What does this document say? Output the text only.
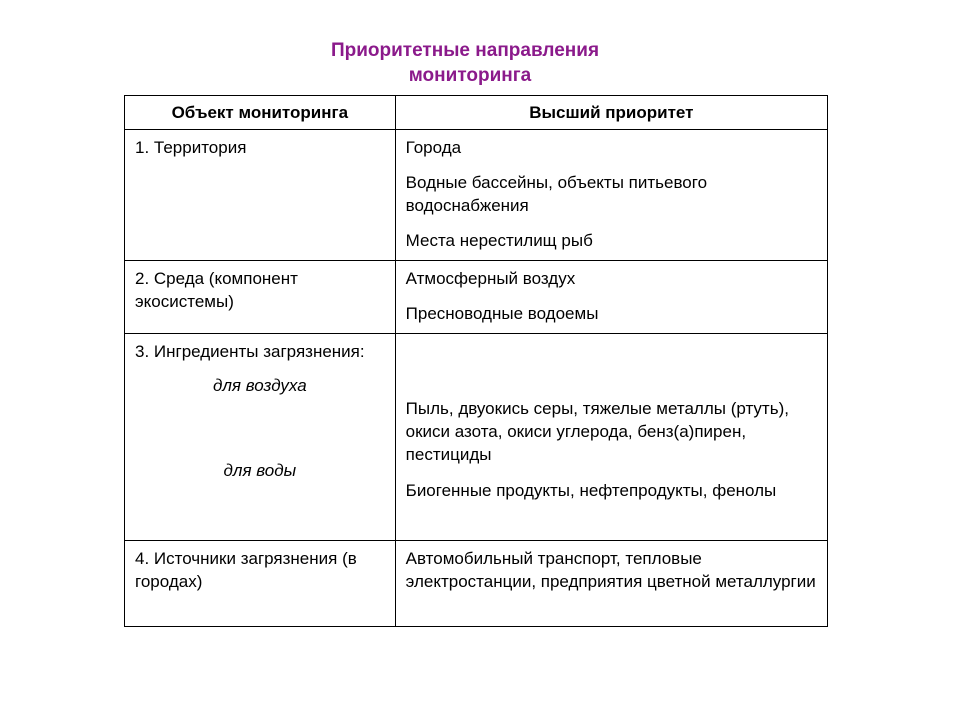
Приоритетные направления
мониторинга
Объект мониторинга	Высший приоритет

1. Территория	Города
Водные бассейны, объекты питьевого водоснабжения
Места нерестилищ рыб

2. Среда (компонент экосистемы)	Атмосферный воздух
Пресноводные водоемы

3. Ингредиенты загрязнения:
для воздуха
для воды	Пыль, двуокись серы, тяжелые металлы (ртуть), окиси азота, окиси углерода, бенз(а)пирен, пестициды
Биогенные продукты, нефтепродукты, фенолы

4. Источники загрязнения (в городах)	Автомобильный транспорт, тепловые электростанции, предприятия цветной металлургии
